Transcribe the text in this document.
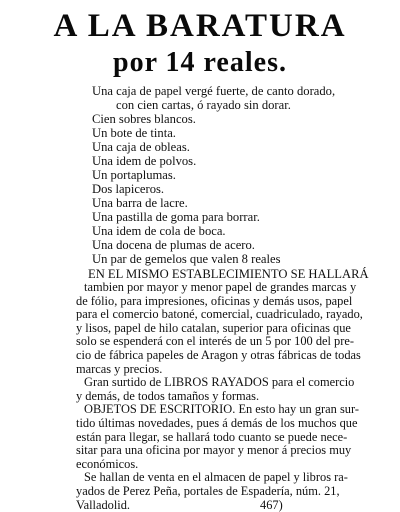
A LA BARATURA
por 14 reales.
Una caja de papel vergé fuerte, de canto dorado,
con cien cartas, ó rayado sin dorar.
Cien sobres blancos.
Un bote de tinta.
Una caja de obleas.
Una idem de polvos.
Un portaplumas.
Dos lapiceros.
Una barra de lacre.
Una pastilla de goma para borrar.
Una idem de cola de boca.
Una docena de plumas de acero.
Un par de gemelos que valen 8 reales
EN EL MISMO ESTABLECIMIENTO SE HALLARÁ
tambien por mayor y menor papel de grandes marcas y
de fólio, para impresiones, oficinas y demás usos, papel
para el comercio batoné, comercial, cuadriculado, rayado,
y lisos, papel de hilo catalan, superior para oficinas que
solo se espenderá con el interés de un 5 por 100 del pre-
cio de fábrica papeles de Aragon y otras fábricas de todas
marcas y precios.
Gran surtido de LIBROS RAYADOS para el comercio
y demás, de todos tamaños y formas.
OBJETOS DE ESCRITORIO. En esto hay un gran sur-
tido últimas novedades, pues á demás de los muchos que
están para llegar, se hallará todo cuanto se puede nece-
sitar para una oficina por mayor y menor á precios muy
económicos.
Se hallan de venta en el almacen de papel y libros ra-
yados de Perez Peña, portales de Espadería, núm. 21,
Valladolid.	467)
